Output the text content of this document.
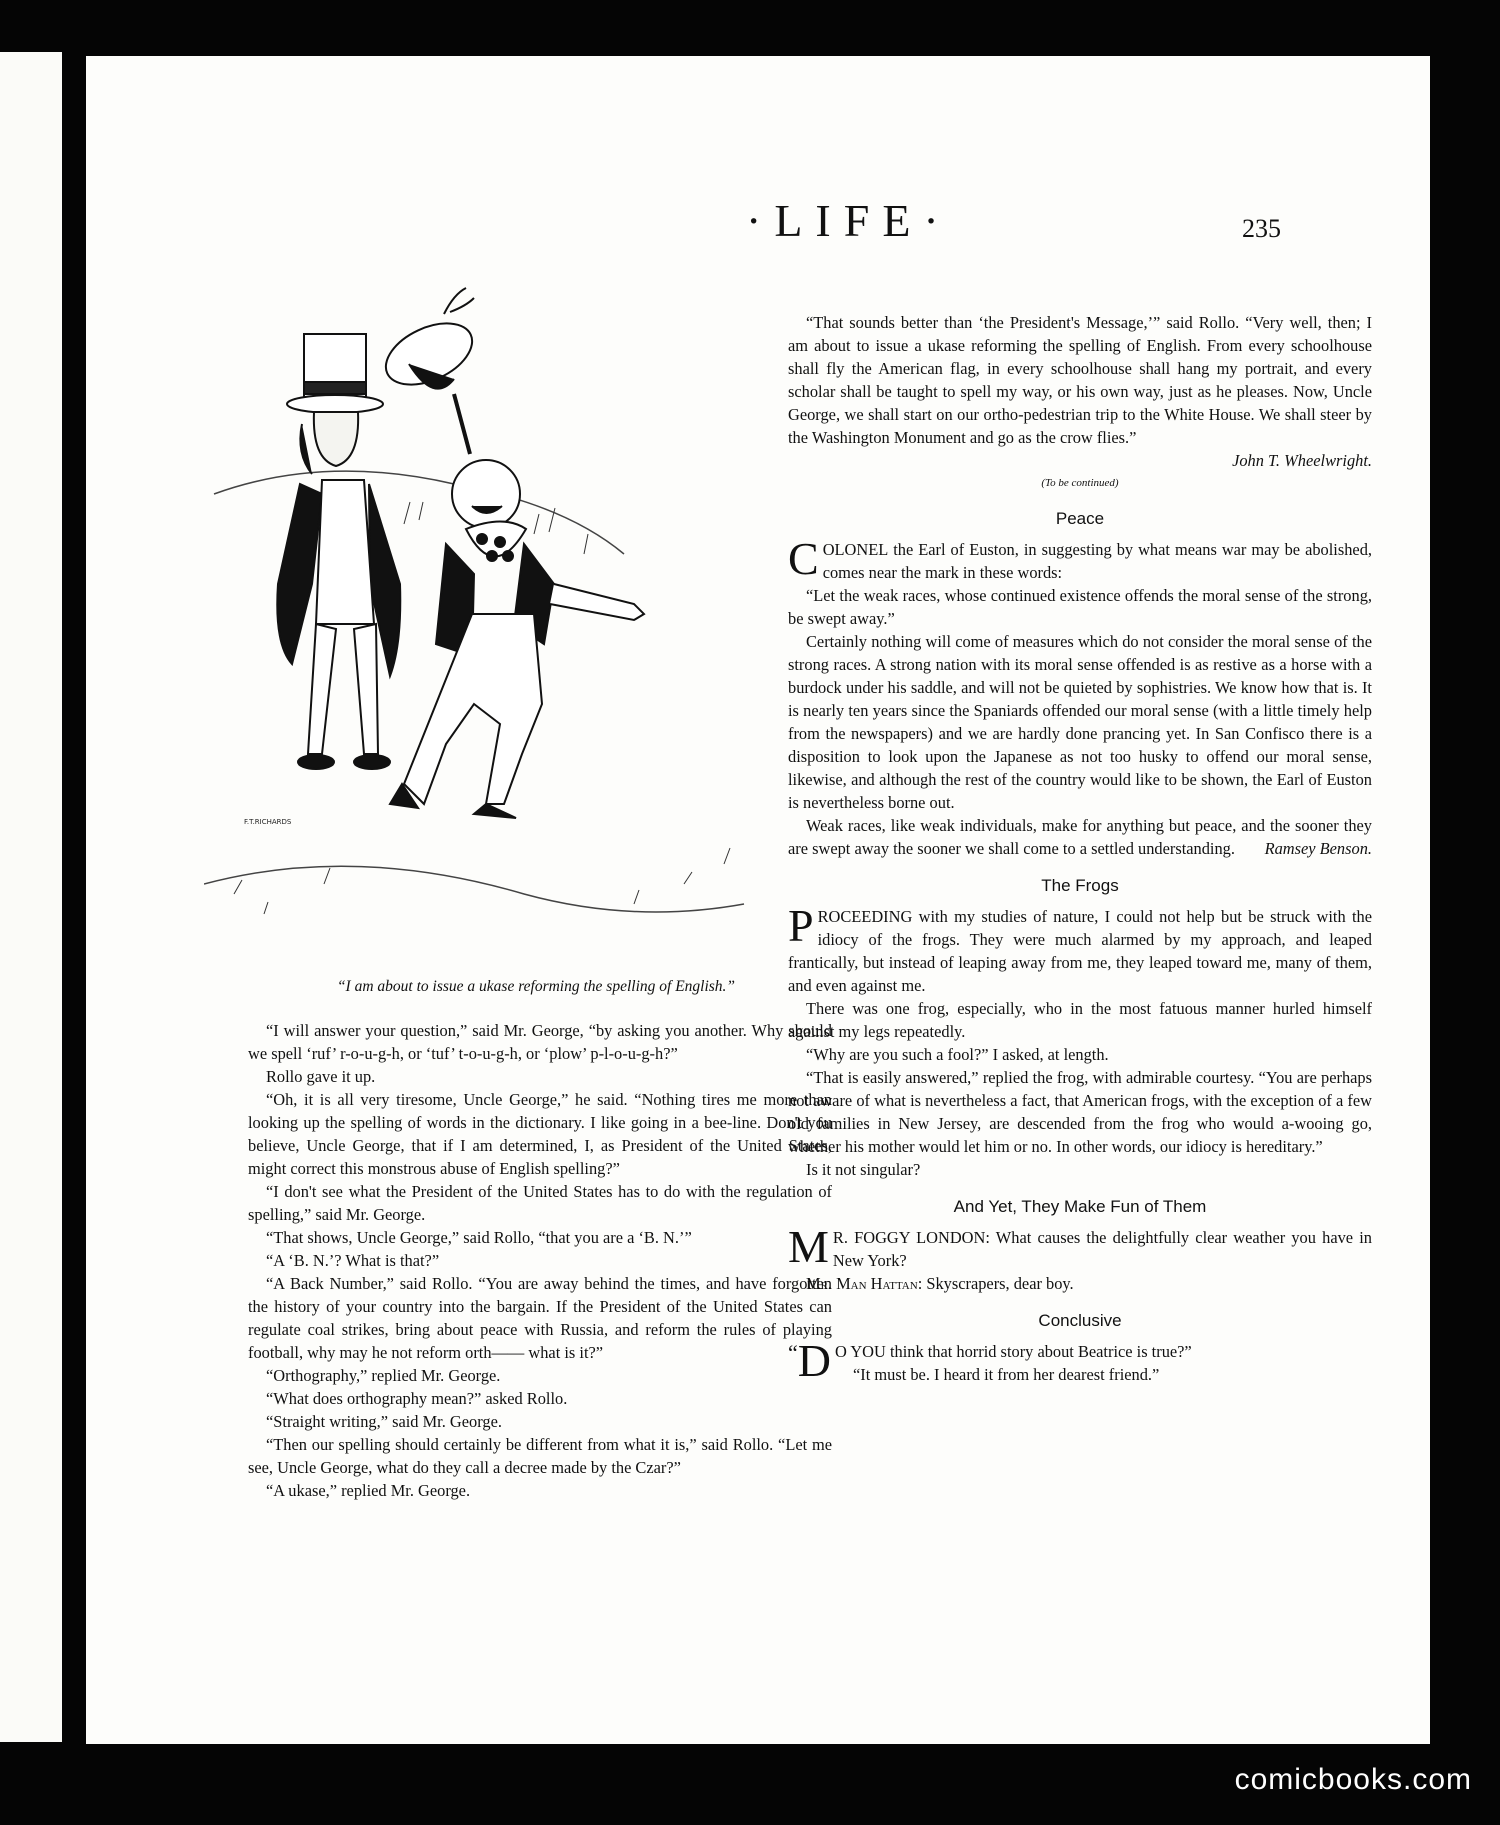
·LIFE·	235
F.T.RICHARDS
“I am about to issue a ukase reforming the spelling of English.”

“I will answer your question,” said Mr. George, “by asking you another. Why should we spell ‘ruf’ r-o-u-g-h, or ‘tuf’ t-o-u-g-h, or ‘plow’ p-l-o-u-g-h?”

Rollo gave it up.

“Oh, it is all very tiresome, Uncle George,” he said. “Nothing tires me more than looking up the spelling of words in the dictionary. I like going in a bee-line. Don't you believe, Uncle George, that if I am determined, I, as President of the United States, might correct this monstrous abuse of English spelling?”

“I don't see what the President of the United States has to do with the regulation of spelling,” said Mr. George.

“That shows, Uncle George,” said Rollo, “that you are a ‘B. N.’”

“A ‘B. N.’? What is that?”

“A Back Number,” said Rollo. “You are away behind the times, and have forgotten the history of your country into the bargain. If the President of the United States can regulate coal strikes, bring about peace with Russia, and reform the rules of playing football, why may he not reform orth—— what is it?”

“Orthography,” replied Mr. George.

“What does orthography mean?” asked Rollo.

“Straight writing,” said Mr. George.

“Then our spelling should certainly be different from what it is,” said Rollo. “Let me see, Uncle George, what do they call a decree made by the Czar?”

“A ukase,” replied Mr. George.

“That sounds better than ‘the President's Message,’” said Rollo. “Very well, then; I am about to issue a ukase reforming the spelling of English. From every schoolhouse shall fly the American flag, in every schoolhouse shall hang my portrait, and every scholar shall be taught to spell my way, or his own way, just as he pleases. Now, Uncle George, we shall start on our ortho-pedestrian trip to the White House. We shall steer by the Washington Monument and go as the crow flies.”

John T. Wheelwright.
(To be continued)
Peace

COLONEL the Earl of Euston, in suggesting by what means war may be abolished, comes near the mark in these words:

“Let the weak races, whose continued existence offends the moral sense of the strong, be swept away.”

Certainly nothing will come of measures which do not consider the moral sense of the strong races. A strong nation with its moral sense offended is as restive as a horse with a burdock under his saddle, and will not be quieted by sophistries. We know how that is. It is nearly ten years since the Spaniards offended our moral sense (with a little timely help from the newspapers) and we are hardly done prancing yet. In San Confisco there is a disposition to look upon the Japanese as not too husky to offend our moral sense, likewise, and although the rest of the country would like to be shown, the Earl of Euston is nevertheless borne out.

Weak races, like weak individuals, make for anything but peace, and the sooner they are swept away the sooner we shall come to a settled understanding.	Ramsey Benson.

The Frogs

PROCEEDING with my studies of nature, I could not help but be struck with the idiocy of the frogs. They were much alarmed by my approach, and leaped frantically, but instead of leaping away from me, they leaped toward me, many of them, and even against me.

There was one frog, especially, who in the most fatuous manner hurled himself against my legs repeatedly.

“Why are you such a fool?” I asked, at length.

“That is easily answered,” replied the frog, with admirable courtesy. “You are perhaps not aware of what is nevertheless a fact, that American frogs, with the exception of a few old families in New Jersey, are descended from the frog who would a-wooing go, whether his mother would let him or no. In other words, our idiocy is hereditary.”

Is it not singular?

And Yet, They Make Fun of Them

M R. FOGGY LONDON: What causes the delightfully clear weather you have in New York?

Mr. Man Hattan: Skyscrapers, dear boy.

Conclusive

“ D O YOU think that horrid story about Beatrice is true?”

“It must be. I heard it from her dearest friend.”

comicbooks.com
